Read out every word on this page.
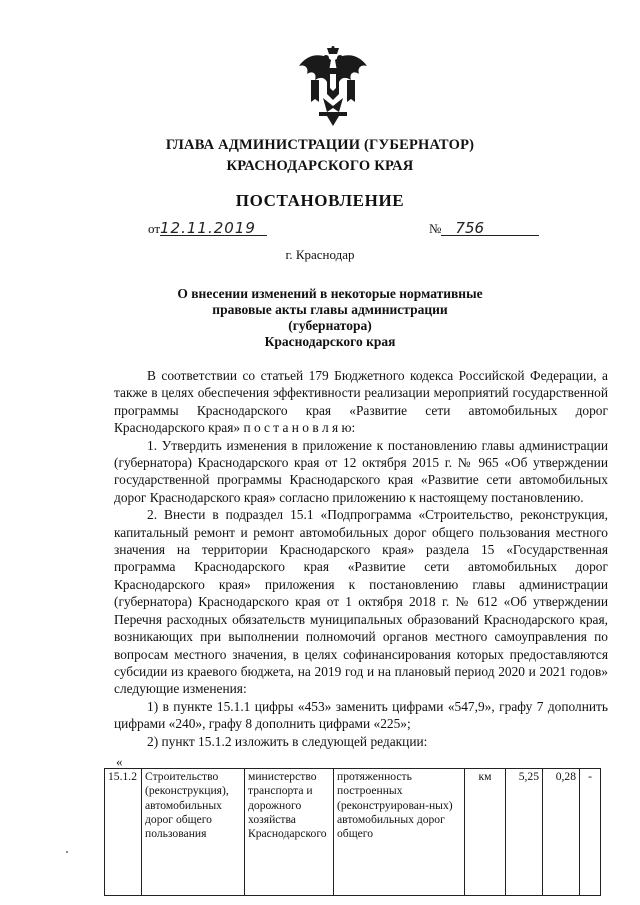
ГЛАВА АДМИНИСТРАЦИИ (ГУБЕРНАТОР)
КРАСНОДАРСКОГО КРАЯ
ПОСТАНОВЛЕНИЕ
от12.11.2019	№ 756
г. Краснодар
О внесении изменений в некоторые нормативные
правовые акты главы администрации (губернатора)
Краснодарского края

В соответствии со статьей 179 Бюджетного кодекса Российской Федерации, а также в целях обеспечения эффективности реализации мероприятий государственной программы Краснодарского края «Развитие сети автомобильных дорог Краснодарского края» п о с т а н о в л я ю:

1. Утвердить изменения в приложение к постановлению главы администрации (губернатора) Краснодарского края от 12 октября 2015 г. № 965 «Об утверждении государственной программы Краснодарского края «Развитие сети автомобильных дорог Краснодарского края» согласно приложению к настоящему постановлению.

2. Внести в подраздел 15.1 «Подпрограмма «Строительство, реконструкция, капитальный ремонт и ремонт автомобильных дорог общего пользования местного значения на территории Краснодарского края» раздела 15 «Государственная программа Краснодарского края «Развитие сети автомобильных дорог Краснодарского края» приложения к постановлению главы администрации (губернатора) Краснодарского края от 1 октября 2018 г. № 612 «Об утверждении Перечня расходных обязательств муниципальных образований Краснодарского края, возникающих при выполнении полномочий органов местного самоуправления по вопросам местного значения, в целях софинансирования которых предоставляются субсидии из краевого бюджета, на 2019 год и на плановый период 2020 и 2021 годов» следующие изменения:

1) в пункте 15.1.1 цифры «453» заменить цифрами «547,9», графу 7 дополнить цифрами «240», графу 8 дополнить цифрами «225»;

2) пункт 15.1.2 изложить в следующей редакции:

«
15.1.2	Строительство (реконструкция), автомобильных дорог общего пользования	министерство транспорта и дорожного хозяйства Краснодарского	протяженность построенных (реконструирован-ных) автомобильных дорог общего	км	5,25	0,28	-
